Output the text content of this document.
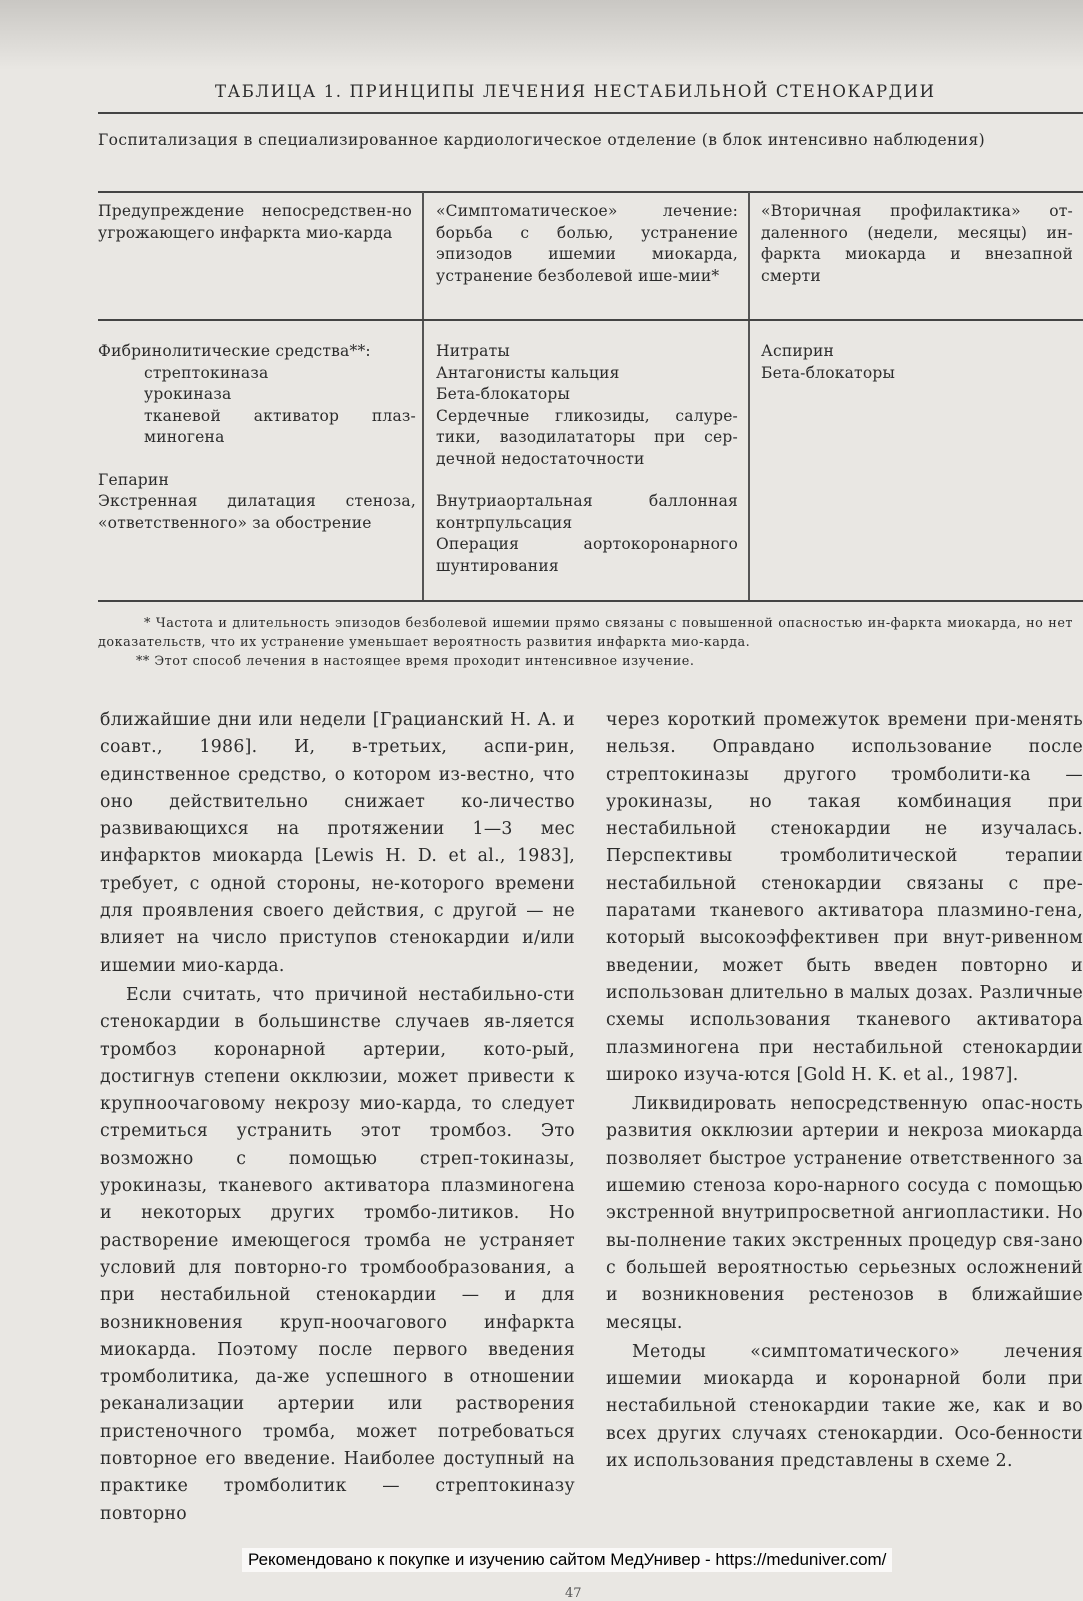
ТАБЛИЦА 1. ПРИНЦИПЫ ЛЕЧЕНИЯ НЕСТАБИЛЬНОЙ СТЕНОКАРДИИ
Госпитализация в специализированное кардиологическое отделение (в блок интенсивно наблюдения)
Предупреждение непосредствен-но угрожающего инфаркта мио-карда
«Симптоматическое» лечение: борьба с болью, устранение эпизодов ишемии миокарда, устранение безболевой ише-мии*
«Вторичная профилактика» от-даленного (недели, месяцы) ин-фаркта миокарда и внезапной смерти
Фибринолитические средства**:
стрептокиназа
урокиназа
тканевой активатор плаз-миногена
Гепарин
Экстренная дилатация стеноза, «ответственного» за обострение
Нитраты
Антагонисты кальция
Бета-блокаторы
Сердечные гликозиды, салуре-тики, вазодилататоры при сер-дечной недостаточности
Внутриаортальная баллонная контрпульсация
Операция аортокоронарного шунтирования
Аспирин
Бета-блокаторы
* Частота и длительность эпизодов безболевой ишемии прямо связаны с повышенной опасностью ин-фаркта миокарда, но нет доказательств, что их устранение уменьшает вероятность развития инфаркта мио-карда.
** Этот способ лечения в настоящее время проходит интенсивное изучение.

ближайшие дни или недели [Грацианский Н. А. и соавт., 1986]. И, в-третьих, аспи-рин, единственное средство, о котором из-вестно, что оно действительно снижает ко-личество развивающихся на протяжении 1—3 мес инфарктов миокарда [Lewis H. D. et al., 1983], требует, с одной стороны, не-которого времени для проявления своего действия, с другой — не влияет на число приступов стенокардии и/или ишемии мио-карда.

Если считать, что причиной нестабильно-сти стенокардии в большинстве случаев яв-ляется тромбоз коронарной артерии, кото-рый, достигнув степени окклюзии, может привести к крупноочаговому некрозу мио-карда, то следует стремиться устранить этот тромбоз. Это возможно с помощью стреп-токиназы, урокиназы, тканевого активатора плазминогена и некоторых других тромбо-литиков. Но растворение имеющегося тромба не устраняет условий для повторно-го тромбообразования, а при нестабильной стенокардии — и для возникновения круп-ноочагового инфаркта миокарда. Поэтому после первого введения тромболитика, да-же успешного в отношении реканализации артерии или растворения пристеночного тромба, может потребоваться повторное его введение. Наиболее доступный на практике тромболитик — стрептокиназу повторно

через короткий промежуток времени при-менять нельзя. Оправдано использование после стрептокиназы другого тромболити-ка — урокиназы, но такая комбинация при нестабильной стенокардии не изучалась. Перспективы тромболитической терапии нестабильной стенокардии связаны с пре-паратами тканевого активатора плазмино-гена, который высокоэффективен при внут-ривенном введении, может быть введен повторно и использован длительно в малых дозах. Различные схемы использования тканевого активатора плазминогена при нестабильной стенокардии широко изуча-ются [Gold H. K. et al., 1987].

Ликвидировать непосредственную опас-ность развития окклюзии артерии и некроза миокарда позволяет быстрое устранение ответственного за ишемию стеноза коро-нарного сосуда с помощью экстренной внутрипросветной ангиопластики. Но вы-полнение таких экстренных процедур свя-зано с большей вероятностью серьезных осложнений и возникновения рестенозов в ближайшие месяцы.

Методы «симптоматического» лечения ишемии миокарда и коронарной боли при нестабильной стенокардии такие же, как и во всех других случаях стенокардии. Осо-бенности их использования представлены в схеме 2.

47
Рекомендовано к покупке и изучению сайтом МедУнивер - https://meduniver.com/
